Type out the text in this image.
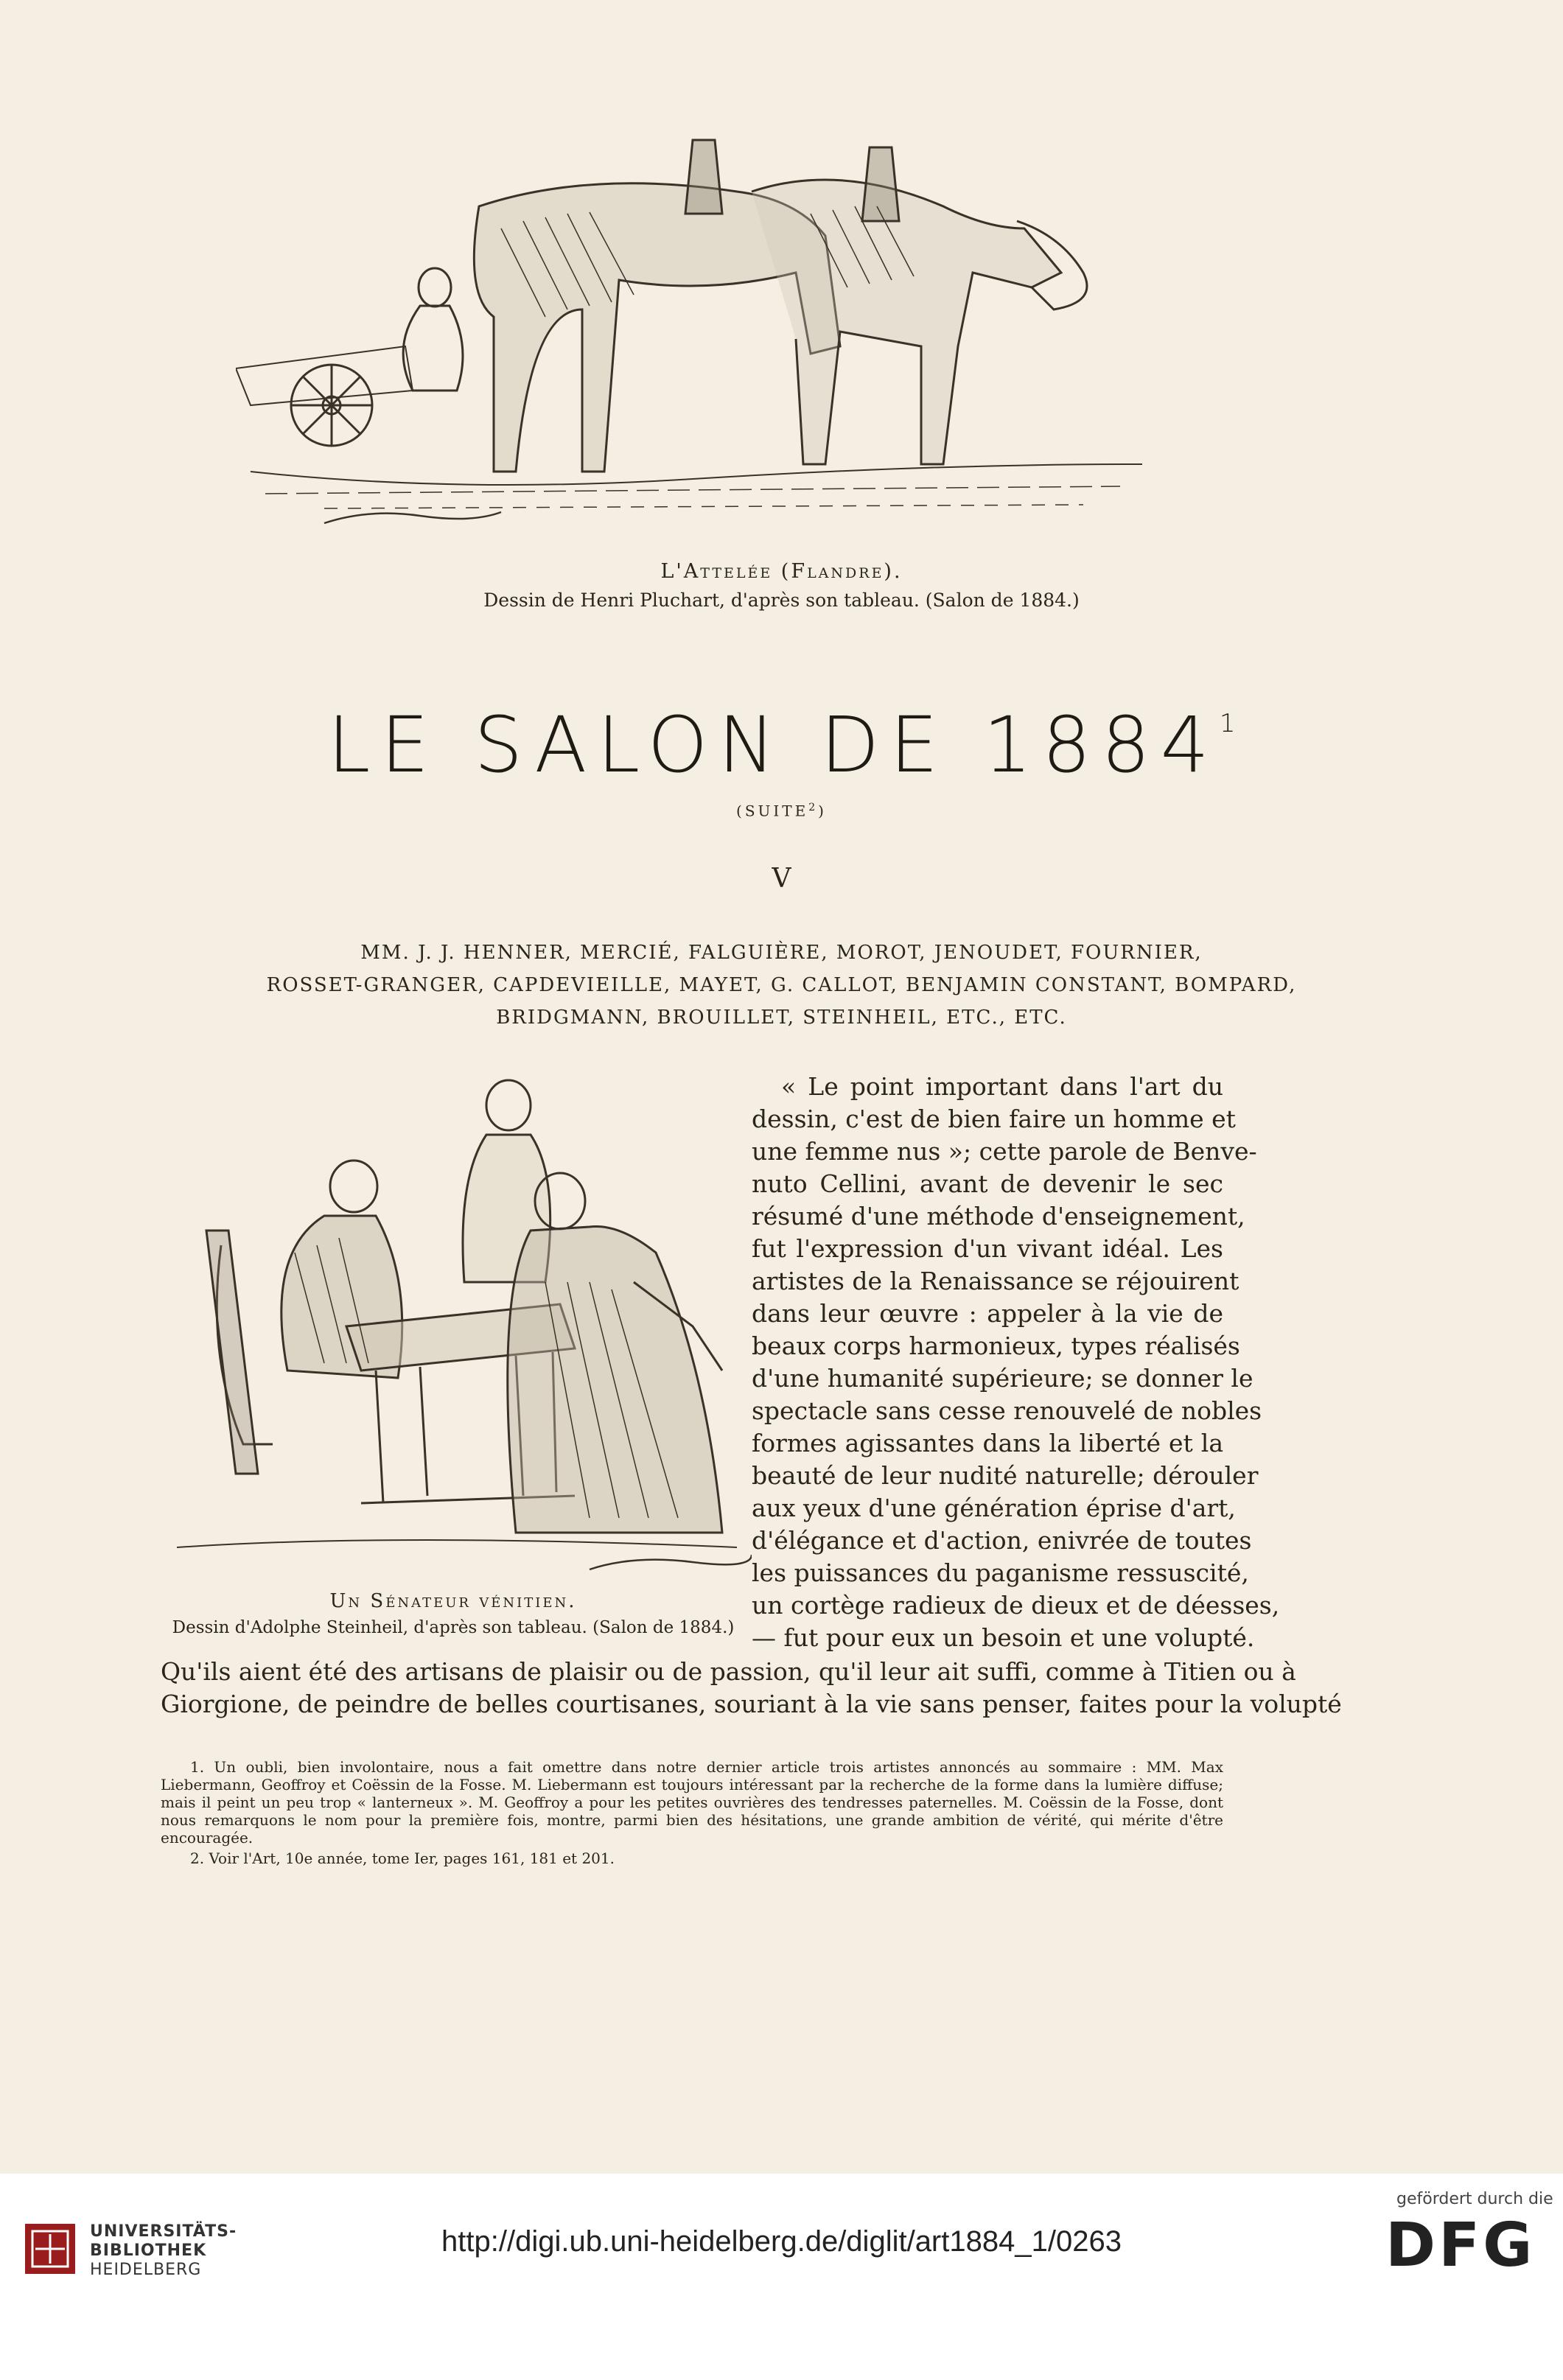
L'Attelée (Flandre).
Dessin de Henri Pluchart, d'après son tableau. (Salon de 1884.)
LE SALON DE 1884$^1$
(SUITE$^2$)
V
MM. J. J. HENNER, MERCIÉ, FALGUIÈRE, MOROT, JENOUDET, FOURNIER,
ROSSET-GRANGER, CAPDEVIEILLE, MAYET, G. CALLOT, BENJAMIN CONSTANT, BOMPARD,
BRIDGMANN, BROUILLET, STEINHEIL, ETC., ETC.
Un Sénateur vénitien.
Dessin d'Adolphe Steinheil, d'après son tableau. (Salon de 1884.)
« Le point important dans l'art du
dessin, c'est de bien faire un homme et
une femme nus »; cette parole de Benve-
nuto Cellini, avant de devenir le sec
résumé d'une méthode d'enseignement,
fut l'expression d'un vivant idéal. Les
artistes de la Renaissance se réjouirent
dans leur œuvre : appeler à la vie de
beaux corps harmonieux, types réalisés
d'une humanité supérieure; se donner le
spectacle sans cesse renouvelé de nobles
formes agissantes dans la liberté et la
beauté de leur nudité naturelle; dérouler
aux yeux d'une génération éprise d'art,
d'élégance et d'action, enivrée de toutes
les puissances du paganisme ressuscité,
un cortège radieux de dieux et de déesses,
— fut pour eux un besoin et une volupté.
Qu'ils aient été des artisans de plaisir ou de passion, qu'il leur ait suffi, comme à Titien ou à
Giorgione, de peindre de belles courtisanes, souriant à la vie sans penser, faites pour la volupté
1. Un oubli, bien involontaire, nous a fait omettre dans notre dernier article trois artistes annoncés au sommaire : MM. Max
Liebermann, Geoffroy et Coëssin de la Fosse. M. Liebermann est toujours intéressant par la recherche de la forme dans la lumière diffuse;
mais il peint un peu trop « lanterneux ». M. Geoffroy a pour les petites ouvrières des tendresses paternelles. M. Coëssin de la Fosse, dont
nous remarquons le nom pour la première fois, montre, parmi bien des hésitations, une grande ambition de vérité, qui mérite d'être
encouragée.
2. Voir l'Art, 10e année, tome Ier, pages 161, 181 et 201.
UNIVERSITÄTS-
BIBLIOTHEK
HEIDELBERG
http://digi.ub.uni-heidelberg.de/diglit/art1884_1/0263
gefördert durch die
DFG
